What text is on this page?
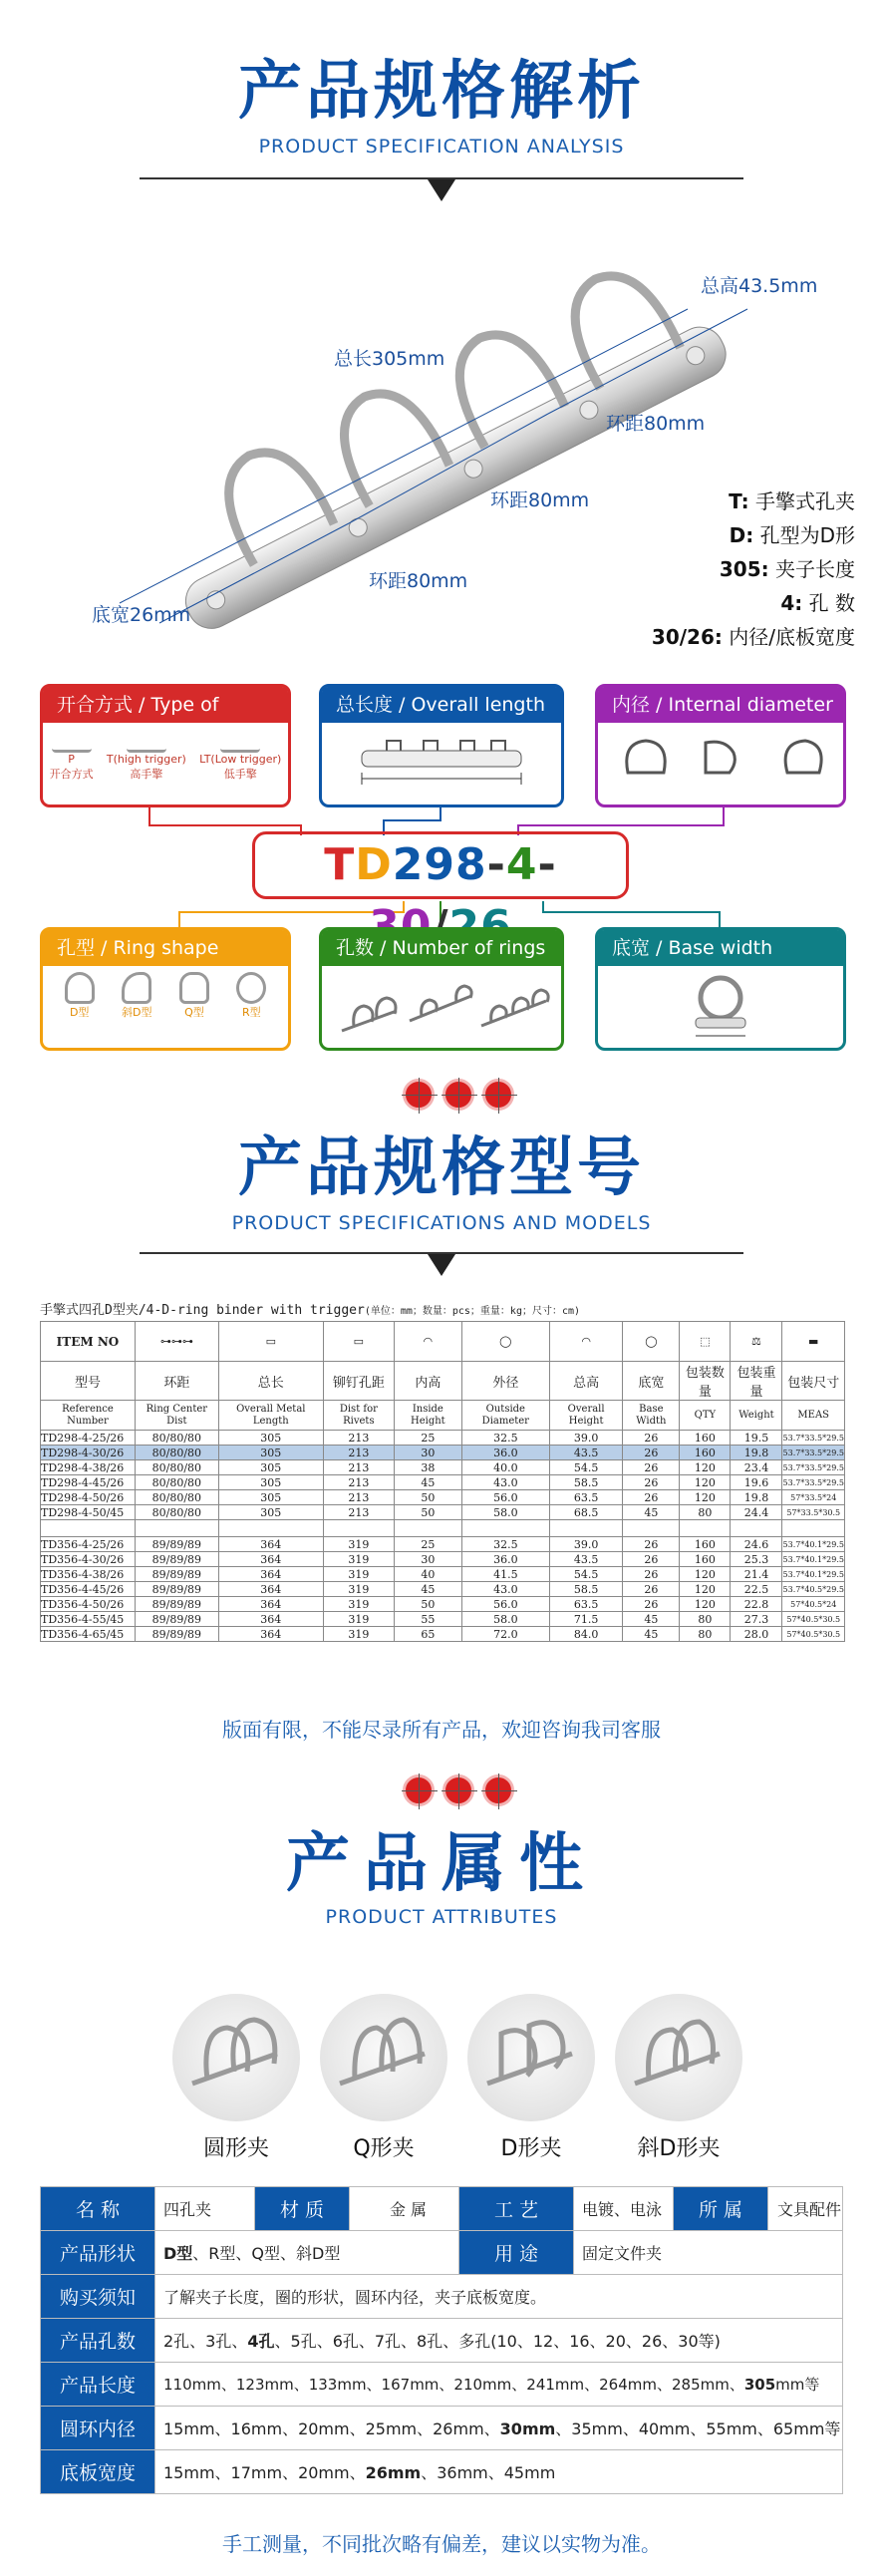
产品规格解析
PRODUCT SPECIFICATION ANALYSIS
总高43.5mm
总长305mm
环距80mm
环距80mm
环距80mm
底宽26mm
T: 手擎式孔夹
D: 孔型为D形
305: 夹子长度
4: 孔 数
30/26: 内径/底板宽度
开合方式 / Type of trigger
P
开合方式
T(high trigger)
高手擎
LT(Low trigger)
低手擎
总长度 / Overall length	内径 / Internal diameter
TD298-4-
孔型 / Ring shape
D型	斜D型	Q型	R型
孔数 / Number of rings	底宽 / Base width
产品规格型号
PRODUCT SPECIFICATIONS AND MODELS
手擎式四孔D型夹/4-D-ring binder with trigger(单位：mm；数量：pcs；重量：kg；尺寸：cm)
ITEM NO	⊶⊶⊶	▭	▭	◠	◯	◠	◯	⬚	⚖	▬
型号	环距	总长	铆钉孔距	内高	外径	总高	底宽	包装数量	包装重量	包装尺寸
Reference Number	Ring Center Dist	Overall Metal Length	Dist for Rivets	Inside Height	Outside Diameter	Overall Height	Base Width	QTY	Weight	MEAS
TD298-4-25/26	80/80/80	305	213	25	32.5	39.0	26	160	19.5	53.7*33.5*29.5
TD298-4-30/26	80/80/80	305	213	30	36.0	43.5	26	160	19.8	53.7*33.5*29.5
TD298-4-38/26	80/80/80	305	213	38	40.0	54.5	26	120	23.4	53.7*33.5*29.5
TD298-4-45/26	80/80/80	305	213	45	43.0	58.5	26	120	19.6	53.7*33.5*29.5
TD298-4-50/26	80/80/80	305	213	50	56.0	63.5	26	120	19.8	57*33.5*24
TD298-4-50/45	80/80/80	305	213	50	58.0	68.5	45	80	24.4	57*33.5*30.5

TD356-4-25/26	89/89/89	364	319	25	32.5	39.0	26	160	24.6	53.7*40.1*29.5
TD356-4-30/26	89/89/89	364	319	30	36.0	43.5	26	160	25.3	53.7*40.1*29.5
TD356-4-38/26	89/89/89	364	319	40	41.5	54.5	26	120	21.4	53.7*40.1*29.5
TD356-4-45/26	89/89/89	364	319	45	43.0	58.5	26	120	22.5	53.7*40.5*29.5
TD356-4-50/26	89/89/89	364	319	50	56.0	63.5	26	120	22.8	57*40.5*24
TD356-4-55/45	89/89/89	364	319	55	58.0	71.5	45	80	27.3	57*40.5*30.5
TD356-4-65/45	89/89/89	364	319	65	72.0	84.0	45	80	28.0	57*40.5*30.5
版面有限，不能尽录所有产品，欢迎咨询我司客服
产品属性
PRODUCT ATTRIBUTES
圆形夹	Q形夹	D形夹	斜D形夹
名 称	四孔夹	材 质	金 属	工 艺	电镀、电泳	所 属	文具配件
产品形状	D型、R型、Q型、斜D型			用 途	固定文件夹		
购买须知	了解夹子长度，圈的形状，圆环内径，夹子底板宽度。						
产品孔数	2孔、3孔、4孔、5孔、6孔、7孔、8孔、多孔(10、12、16、20、26、30等)						
产品长度	110mm、123mm、133mm、167mm、210mm、241mm、264mm、285mm、305mm等						
圆环内径	15mm、16mm、20mm、25mm、26mm、30mm、35mm、40mm、55mm、65mm等						
底板宽度	15mm、17mm、20mm、26mm、36mm、45mm						
手工测量，不同批次略有偏差，建议以实物为准。
